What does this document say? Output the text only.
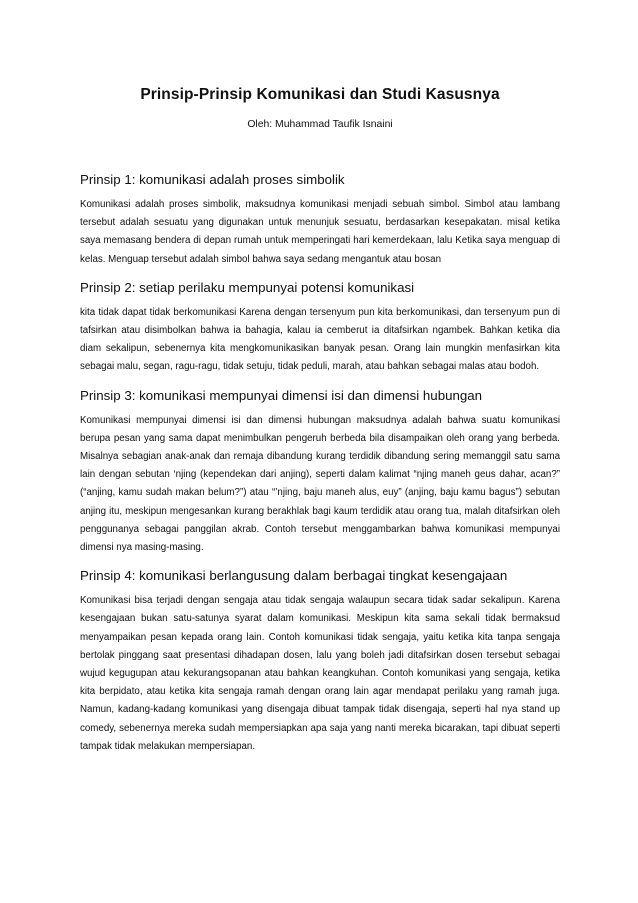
Prinsip-Prinsip Komunikasi dan Studi Kasusnya
Oleh: Muhammad Taufik Isnaini
Prinsip 1: komunikasi adalah proses simbolik

Komunikasi adalah proses simbolik, maksudnya komunikasi menjadi sebuah simbol. Simbol atau lambang tersebut adalah sesuatu yang digunakan untuk menunjuk sesuatu, berdasarkan kesepakatan. misal ketika saya memasang bendera di depan rumah untuk memperingati hari kemerdekaan, lalu Ketika saya menguap di kelas. Menguap tersebut adalah simbol bahwa saya sedang mengantuk atau bosan

Prinsip 2: setiap perilaku mempunyai potensi komunikasi

kita tidak dapat tidak berkomunikasi Karena dengan tersenyum pun kita berkomunikasi, dan tersenyum pun di tafsirkan atau disimbolkan bahwa ia bahagia, kalau ia cemberut ia ditafsirkan ngambek. Bahkan ketika dia diam sekalipun, sebenernya kita mengkomunikasikan banyak pesan. Orang lain mungkin menfasirkan kita sebagai malu, segan, ragu-ragu, tidak setuju, tidak peduli, marah, atau bahkan sebagai malas atau bodoh.

Prinsip 3: komunikasi mempunyai dimensi isi dan dimensi hubungan

Komunikasi mempunyai dimensi isi dan dimensi hubungan maksudnya adalah bahwa suatu komunikasi berupa pesan yang sama dapat menimbulkan pengeruh berbeda bila disampaikan oleh orang yang berbeda. Misalnya sebagian anak-anak dan remaja dibandung kurang terdidik dibandung sering memanggil satu sama lain dengan sebutan ‘njing (kependekan dari anjing), seperti dalam kalimat “njing maneh geus dahar, acan?” (“anjing, kamu sudah makan belum?”) atau “’njing, baju maneh alus, euy” (anjing, baju kamu bagus”) sebutan anjing itu, meskipun mengesankan kurang berakhlak bagi kaum terdidik atau orang tua, malah ditafsirkan oleh penggunanya sebagai panggilan akrab. Contoh tersebut menggambarkan bahwa komunikasi mempunyai dimensi nya masing-masing.

Prinsip 4: komunikasi berlangusung dalam berbagai tingkat kesengajaan

Komunikasi bisa terjadi dengan sengaja atau tidak sengaja walaupun secara tidak sadar sekalipun. Karena kesengajaan bukan satu-satunya syarat dalam komunikasi. Meskipun kita sama sekali tidak bermaksud menyampaikan pesan kepada orang lain. Contoh komunikasi tidak sengaja, yaitu ketika kita tanpa sengaja bertolak pinggang saat presentasi dihadapan dosen, lalu yang boleh jadi ditafsirkan dosen tersebut sebagai wujud kegugupan atau kekurangsopanan atau bahkan keangkuhan. Contoh komunikasi yang sengaja, ketika kita berpidato, atau ketika kita sengaja ramah dengan orang lain agar mendapat perilaku yang ramah juga. Namun, kadang-kadang komunikasi yang disengaja dibuat tampak tidak disengaja, seperti hal nya stand up comedy, sebenernya mereka sudah mempersiapkan apa saja yang nanti mereka bicarakan, tapi dibuat seperti tampak tidak melakukan mempersiapan.
